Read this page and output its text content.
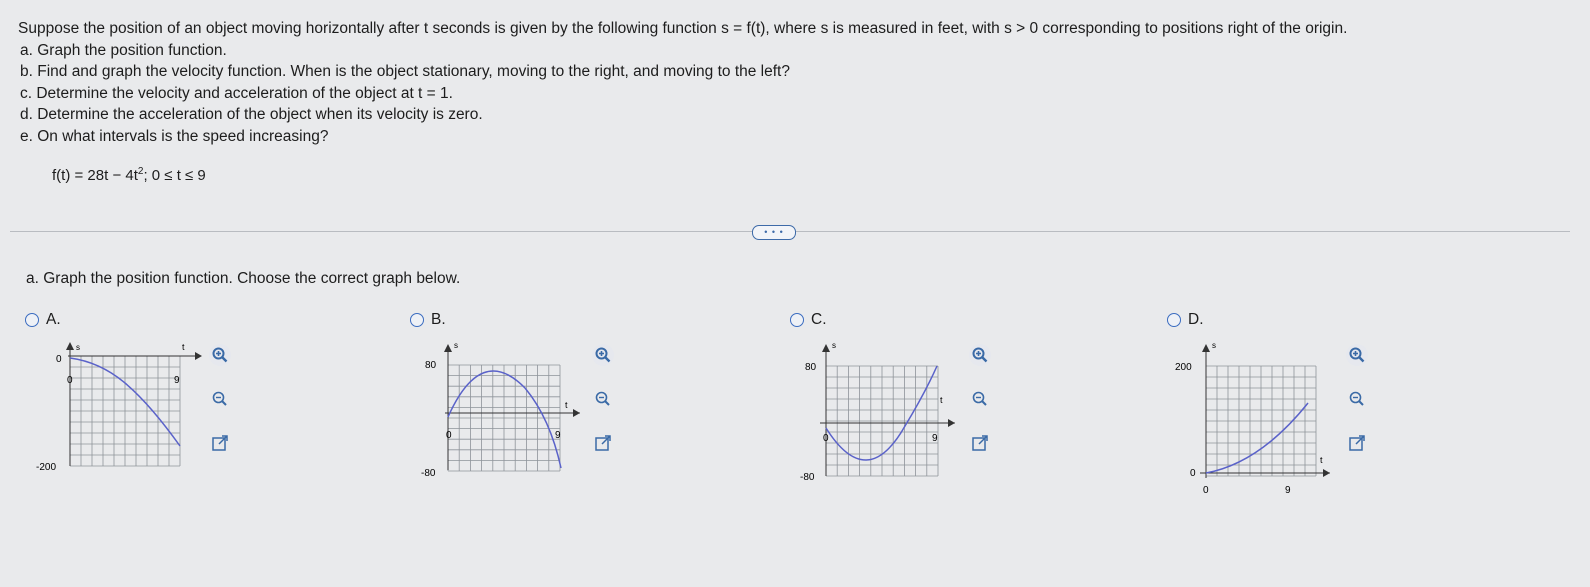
Suppose the position of an object moving horizontally after t seconds is given by the following function s = f(t), where s is measured in feet, with s > 0 corresponding to positions right of the origin.
a. Graph the position function.
b. Find and graph the velocity function. When is the object stationary, moving to the right, and moving to the left?
c. Determine the velocity and acceleration of the object at t = 1.
d. Determine the acceleration of the object when its velocity is zero.
e. On what intervals is the speed increasing?
$f(t) = 28t - 4t^2$; 0 ≤ t ≤ 9
• • •
a. Graph the position function. Choose the correct graph below.
A.	B.	C.	D.
s	t
0
-200
0	9
s
t
80
-80
0	9
s
t
80
-80
0	9
s
t
200
0
0	9
